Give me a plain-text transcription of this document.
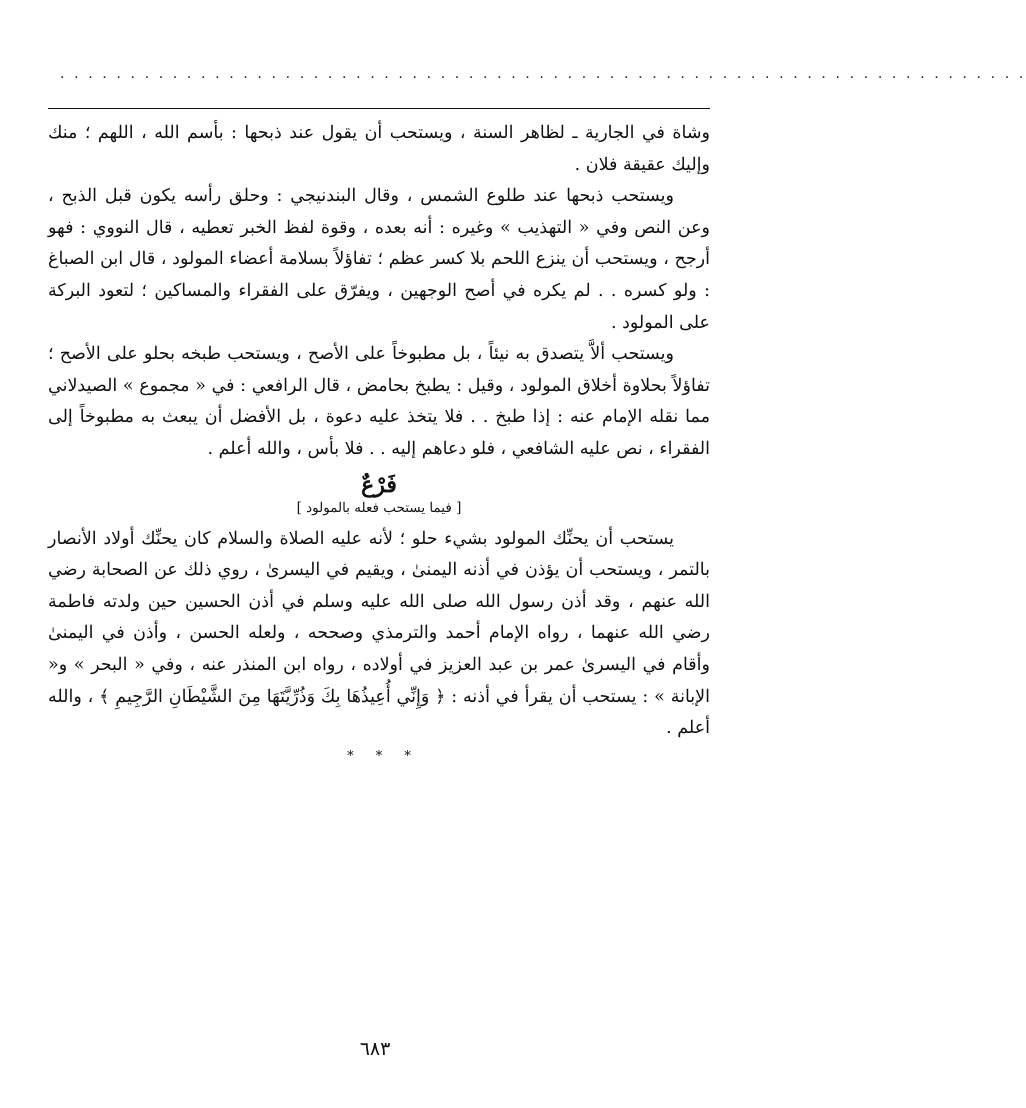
. . . . . . . . . . . . . . . . . . . . . . . . . . . . . . . . . . . . . . . . . . . . . . . . . . . . . . . . . . . . . . . . . . . . .

وشاة في الجارية ـ لظاهر السنة ، ويستحب أن يقول عند ذبحها : بأسم الله ، اللهم ؛ منك وإليك عقيقة فلان .

ويستحب ذبحها عند طلوع الشمس ، وقال البندنيجي : وحلق رأسه يكون قبل الذبح ، وعن النص وفي « التهذيب » وغيره : أنه بعده ، وقوة لفظ الخبر تعطيه ، قال النووي : فهو أرجح ، ويستحب أن ينزع اللحم بلا كسر عظم ؛ تفاؤلاً بسلامة أعضاء المولود ، قال ابن الصباغ : ولو كسره . . لم يكره في أصح الوجهين ، ويفرّق على الفقراء والمساكين ؛ لتعود البركة على المولود .

ويستحب ألاَّ يتصدق به نيئاً ، بل مطبوخاً على الأصح ، ويستحب طبخه بحلو على الأصح ؛ تفاؤلاً بحلاوة أخلاق المولود ، وقيل : يطبخ بحامض ، قال الرافعي : في « مجموع » الصيدلاني مما نقله الإمام عنه : إذا طبخ . . فلا يتخذ عليه دعوة ، بل الأفضل أن يبعث به مطبوخاً إلى الفقراء ، نص عليه الشافعي ، فلو دعاهم إليه . . فلا بأس ، والله أعلم .

فَرْعٌ
[ فيما يستحب فعله بالمولود ]

يستحب أن يحنِّك المولود بشيء حلو ؛ لأنه عليه الصلاة والسلام كان يحنِّك أولاد الأنصار بالتمر ، ويستحب أن يؤذن في أذنه اليمنىٰ ، ويقيم في اليسرىٰ ، روي ذلك عن الصحابة رضي الله عنهم ، وقد أذن رسول الله صلى الله عليه وسلم في أذن الحسين حين ولدته فاطمة رضي الله عنهما ، رواه الإمام أحمد والترمذي وصححه ، ولعله الحسن ، وأذن في اليمنىٰ وأقام في اليسرىٰ عمر بن عبد العزيز في أولاده ، رواه ابن المنذر عنه ، وفي « البحر » و« الإبانة » : يستحب أن يقرأ في أذنه : ﴿ وَإِنِّي أُعِيذُهَا بِكَ وَذُرِّيَّتَهَا مِنَ الشَّيْطَانِ الرَّجِيمِ ﴾ ، والله أعلم .

* * *
٦٨٣
